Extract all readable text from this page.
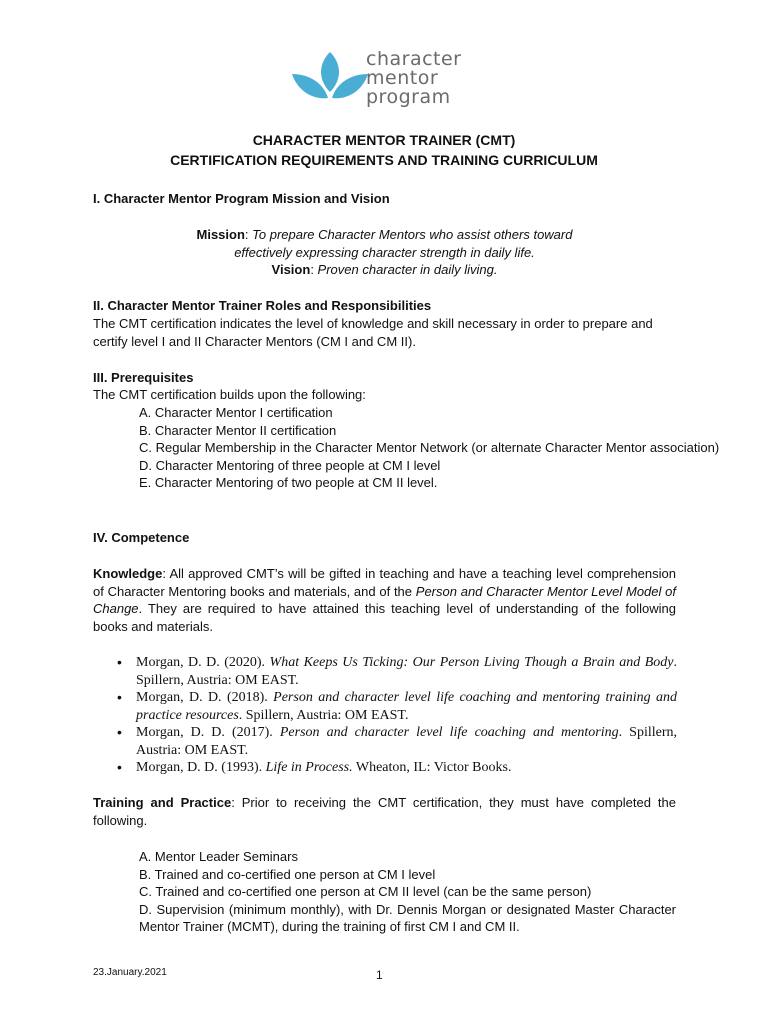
character
mentor
program
CHARACTER MENTOR TRAINER (CMT)
CERTIFICATION REQUIREMENTS AND TRAINING CURRICULUM
I. Character Mentor Program Mission and Vision
Mission: To prepare Character Mentors who assist others toward
effectively expressing character strength in daily life.
Vision: Proven character in daily living.
II. Character Mentor Trainer Roles and Responsibilities
The CMT certification indicates the level of knowledge and skill necessary in order to prepare and certify level I and II Character Mentors (CM I and CM II).
III. Prerequisites
The CMT certification builds upon the following:
A. Character Mentor I certification
B. Character Mentor II certification
C. Regular Membership in the Character Mentor Network (or alternate Character Mentor association)
D. Character Mentoring of three people at CM I level
E. Character Mentoring of two people at CM II level.
IV. Competence
Knowledge: All approved CMT’s will be gifted in teaching and have a teaching level comprehension of Character Mentoring books and materials, and of the Person and Character Mentor Level Model of Change. They are required to have attained this teaching level of understanding of the following books and materials.
• Morgan, D. D. (2020). What Keeps Us Ticking: Our Person Living Though a Brain and Body. Spillern, Austria: OM EAST.
• Morgan, D. D. (2018). Person and character level life coaching and mentoring training and practice resources. Spillern, Austria: OM EAST.
• Morgan, D. D. (2017). Person and character level life coaching and mentoring. Spillern, Austria: OM EAST.
• Morgan, D. D. (1993). Life in Process. Wheaton, IL: Victor Books.
Training and Practice: Prior to receiving the CMT certification, they must have completed the following.
A. Mentor Leader Seminars
B. Trained and co-certified one person at CM I level
C. Trained and co-certified one person at CM II level (can be the same person)
D. Supervision (minimum monthly), with Dr. Dennis Morgan or designated Master Character Mentor Trainer (MCMT), during the training of first CM I and CM II.
23.January.2021	1
